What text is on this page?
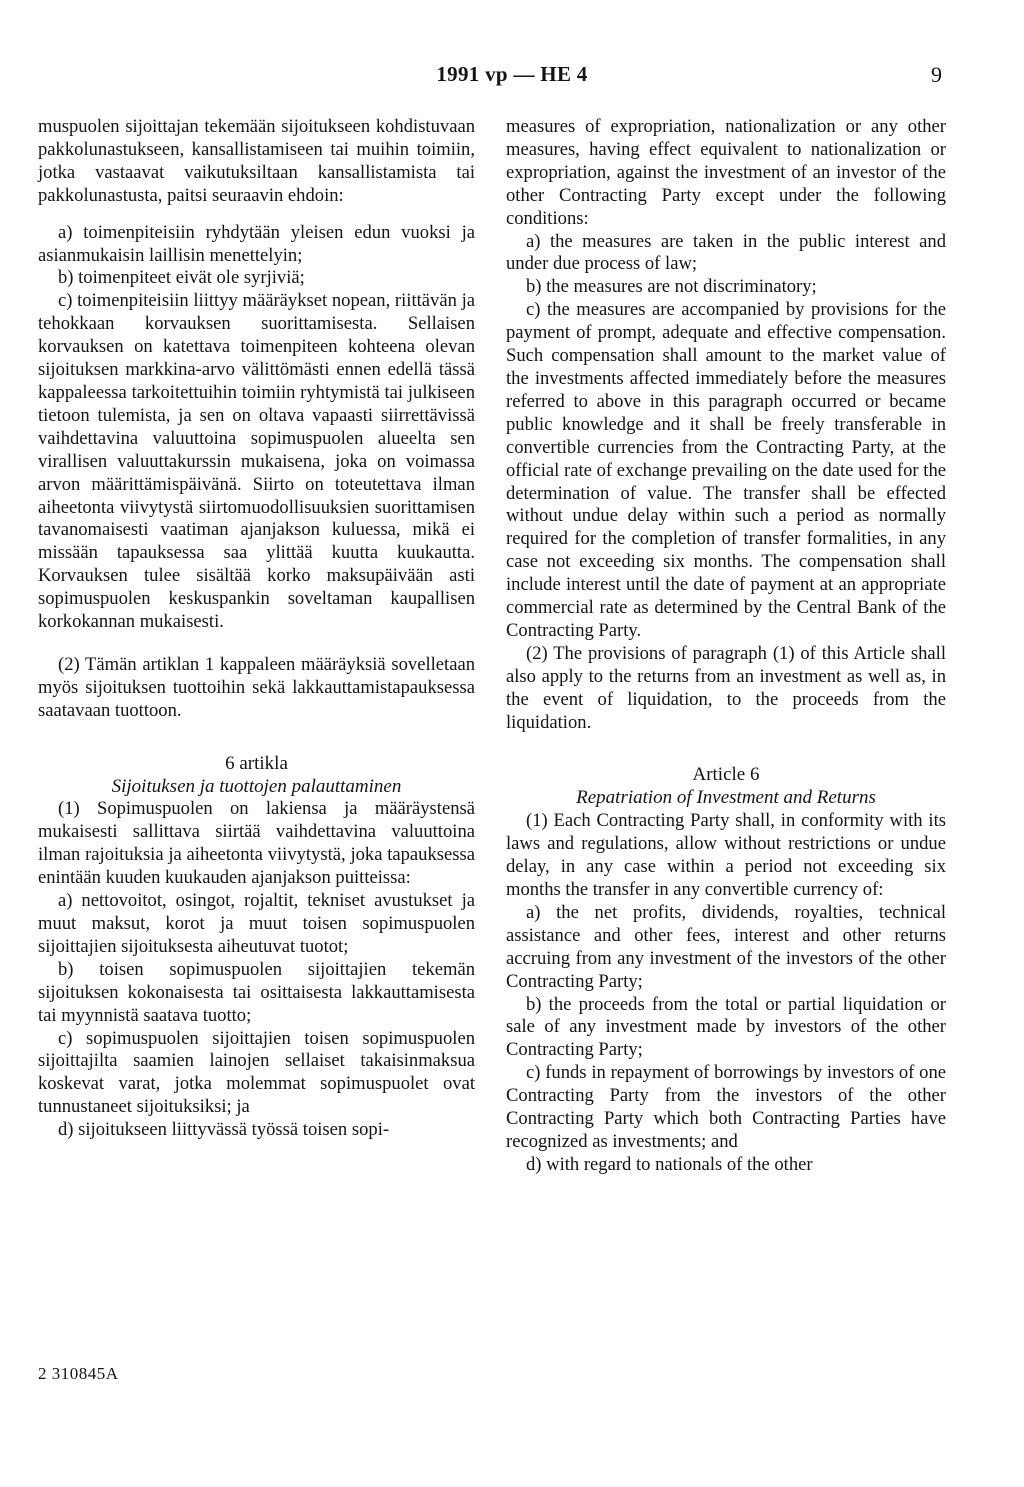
1991 vp — HE 4	9

muspuolen sijoittajan tekemään sijoitukseen kohdistuvaan pakkolunastukseen, kansallistamiseen tai muihin toimiin, jotka vastaavat vaikutuksiltaan kansallistamista tai pakkolunastusta, paitsi seuraavin ehdoin:

a) toimenpiteisiin ryhdytään yleisen edun vuoksi ja asianmukaisin laillisin menettelyin;

b) toimenpiteet eivät ole syrjiviä;

c) toimenpiteisiin liittyy määräykset nopean, riittävän ja tehokkaan korvauksen suorittamisesta. Sellaisen korvauksen on katettava toimenpiteen kohteena olevan sijoituksen markkina-arvo välittömästi ennen edellä tässä kappaleessa tarkoitettuihin toimiin ryhtymistä tai julkiseen tietoon tulemista, ja sen on oltava vapaasti siirrettävissä vaihdettavina valuuttoina sopimuspuolen alueelta sen virallisen valuuttakurssin mukaisena, joka on voimassa arvon määrittämispäivänä. Siirto on toteutettava ilman aiheetonta viivytystä siirtomuodollisuuksien suorittamisen tavanomaisesti vaatiman ajanjakson kuluessa, mikä ei missään tapauksessa saa ylittää kuutta kuukautta. Korvauksen tulee sisältää korko maksupäivään asti sopimuspuolen keskuspankin soveltaman kaupallisen korkokannan mukaisesti.

(2) Tämän artiklan 1 kappaleen määräyksiä sovelletaan myös sijoituksen tuottoihin sekä lakkauttamistapauksessa saatavaan tuottoon.

6 artikla

Sijoituksen ja tuottojen palauttaminen

(1) Sopimuspuolen on lakiensa ja määräystensä mukaisesti sallittava siirtää vaihdettavina valuuttoina ilman rajoituksia ja aiheetonta viivytystä, joka tapauksessa enintään kuuden kuukauden ajanjakson puitteissa:

a) nettovoitot, osingot, rojaltit, tekniset avustukset ja muut maksut, korot ja muut toisen sopimuspuolen sijoittajien sijoituksesta aiheutuvat tuotot;

b) toisen sopimuspuolen sijoittajien tekemän sijoituksen kokonaisesta tai osittaisesta lakkauttamisesta tai myynnistä saatava tuotto;

c) sopimuspuolen sijoittajien toisen sopimuspuolen sijoittajilta saamien lainojen sellaiset takaisinmaksua koskevat varat, jotka molemmat sopimuspuolet ovat tunnustaneet sijoituksiksi; ja

d) sijoitukseen liittyvässä työssä toisen sopi-

measures of expropriation, nationalization or any other measures, having effect equivalent to nationalization or expropriation, against the investment of an investor of the other Contracting Party except under the following conditions:

a) the measures are taken in the public interest and under due process of law;

b) the measures are not discriminatory;

c) the measures are accompanied by provisions for the payment of prompt, adequate and effective compensation. Such compensation shall amount to the market value of the investments affected immediately before the measures referred to above in this paragraph occurred or became public knowledge and it shall be freely transferable in convertible currencies from the Contracting Party, at the official rate of exchange prevailing on the date used for the determination of value. The transfer shall be effected without undue delay within such a period as normally required for the completion of transfer formalities, in any case not exceeding six months. The compensation shall include interest until the date of payment at an appropriate commercial rate as determined by the Central Bank of the Contracting Party.

(2) The provisions of paragraph (1) of this Article shall also apply to the returns from an investment as well as, in the event of liquidation, to the proceeds from the liquidation.

Article 6

Repatriation of Investment and Returns

(1) Each Contracting Party shall, in conformity with its laws and regulations, allow without restrictions or undue delay, in any case within a period not exceeding six months the transfer in any convertible currency of:

a) the net profits, dividends, royalties, technical assistance and other fees, interest and other returns accruing from any investment of the investors of the other Contracting Party;

b) the proceeds from the total or partial liquidation or sale of any investment made by investors of the other Contracting Party;

c) funds in repayment of borrowings by investors of one Contracting Party from the investors of the other Contracting Party which both Contracting Parties have recognized as investments; and

d) with regard to nationals of the other

2 310845A
